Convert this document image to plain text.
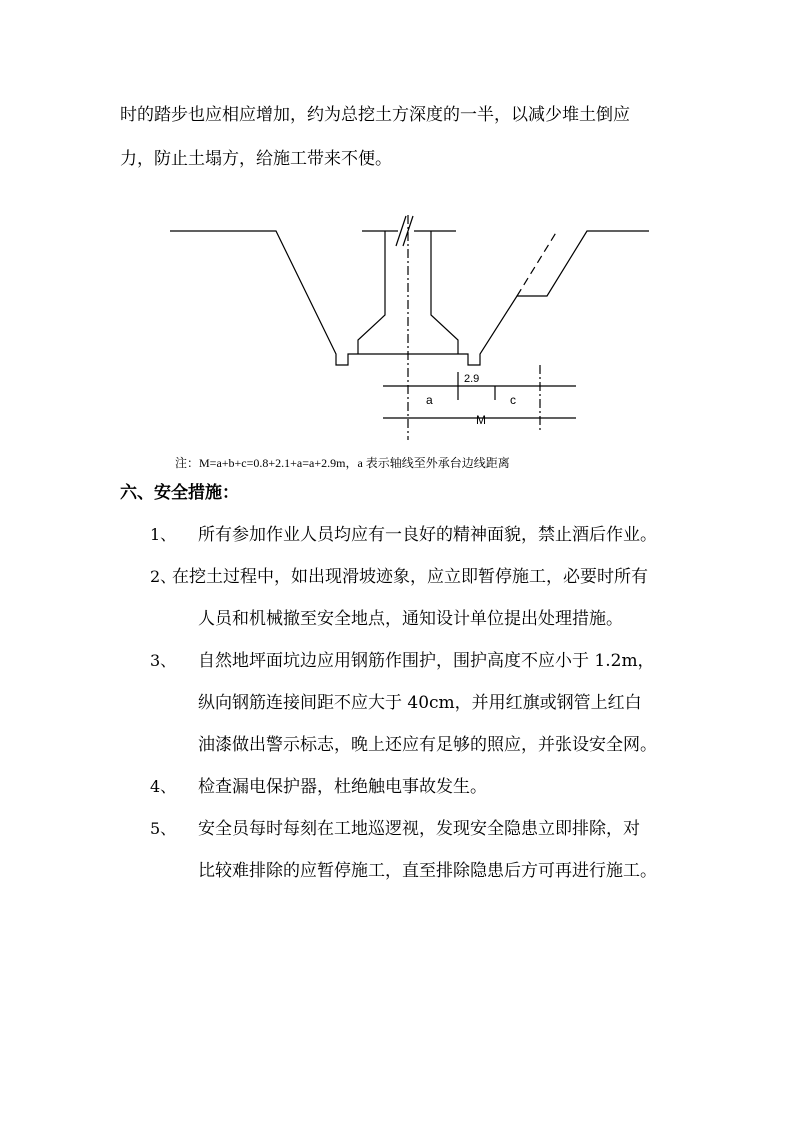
时的踏步也应相应增加，约为总挖土方深度的一半，以减少堆土倒应
力，防止土塌方，给施工带来不便。
2.9
a	c
M
注：M=a+b+c=0.8+2.1+a=a+2.9m，a 表示轴线至外承台边线距离
六、安全措施：
1、 所有参加作业人员均应有一良好的精神面貌，禁止酒后作业。
2、
在挖土过程中，如出现滑坡迹象，应立即暂停施工，必要时所有
人员和机械撤至安全地点，通知设计单位提出处理措施。
3、 自然地坪面坑边应用钢筋作围护，围护高度不应小于 1.2m，
纵向钢筋连接间距不应大于 40cm，并用红旗或钢管上红白
油漆做出警示标志，晚上还应有足够的照应，并张设安全网。
4、 检查漏电保护器，杜绝触电事故发生。
5、 安全员每时每刻在工地巡逻视，发现安全隐患立即排除，对
比较难排除的应暂停施工，直至排除隐患后方可再进行施工。
